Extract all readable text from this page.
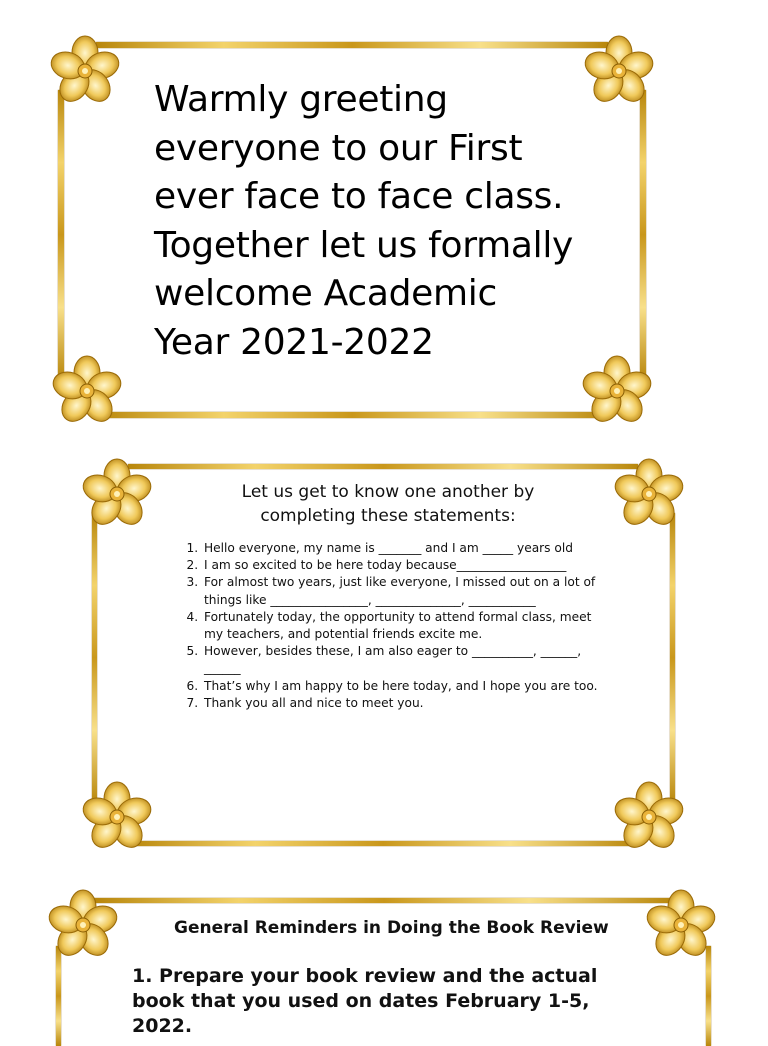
Warmly greeting everyone to our First ever face to face class. Together let us formally welcome Academic Year 2021-2022
Let us get to know one another by
completing these statements:
1. Hello everyone, my name is _______ and I am _____ years old
2. I am so excited to be here today because__________________
3. For almost two years, just like everyone, I missed out on a lot of things like ________________, ______________, ___________
4. Fortunately today, the opportunity to attend formal class, meet my teachers, and potential friends excite me.
5. However, besides these, I am also eager to __________, ______, ______
6. That’s why I am happy to be here today, and I hope you are too.
7. Thank you all and nice to meet you.
General Reminders in Doing the Book Review
1. Prepare your book review and the actual book that you used on dates February 1-5, 2022.
